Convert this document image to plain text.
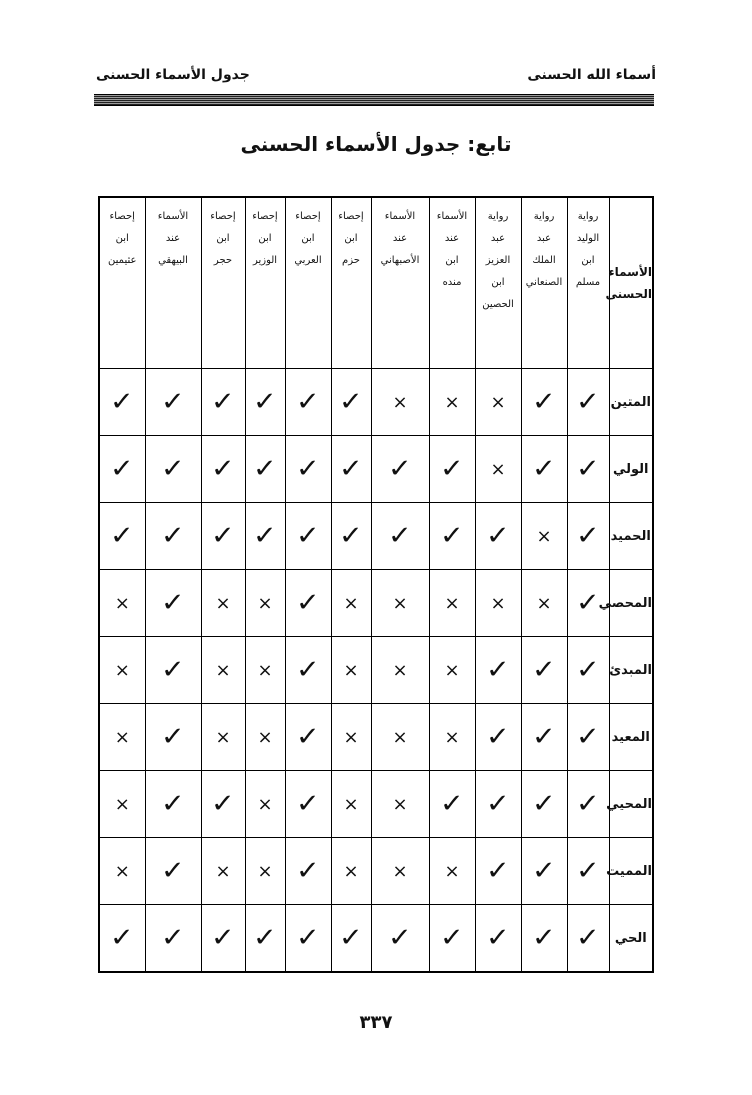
جدول الأسماء الحسنى	أسماء الله الحسنى
تابع: جدول الأسماء الحسنى
الأسماء الحسنى	رواية الوليد ابن مسلم	رواية عبد الملك الصنعاني	رواية عبد العزيز ابن الحصين	الأسماء عند ابن منده	الأسماء عند الأصبهاني	إحصاء ابن حزم	إحصاء ابن العربي	إحصاء ابن الوزير	إحصاء ابن حجر	الأسماء عند البيهقي	إحصاء ابن عثيمين
المتين	✓	✓	×	×	×	✓	✓	✓	✓	✓	✓
الولي	✓	✓	×	✓	✓	✓	✓	✓	✓	✓	✓
الحميد	✓	×	✓	✓	✓	✓	✓	✓	✓	✓	✓
المحصي	✓	×	×	×	×	×	✓	×	×	✓	×
المبدئ	✓	✓	✓	×	×	×	✓	×	×	✓	×
المعيد	✓	✓	✓	×	×	×	✓	×	×	✓	×
المحيي	✓	✓	✓	✓	×	×	✓	×	✓	✓	×
المميت	✓	✓	✓	×	×	×	✓	×	×	✓	×
الحي	✓	✓	✓	✓	✓	✓	✓	✓	✓	✓	✓
٣٣٧
